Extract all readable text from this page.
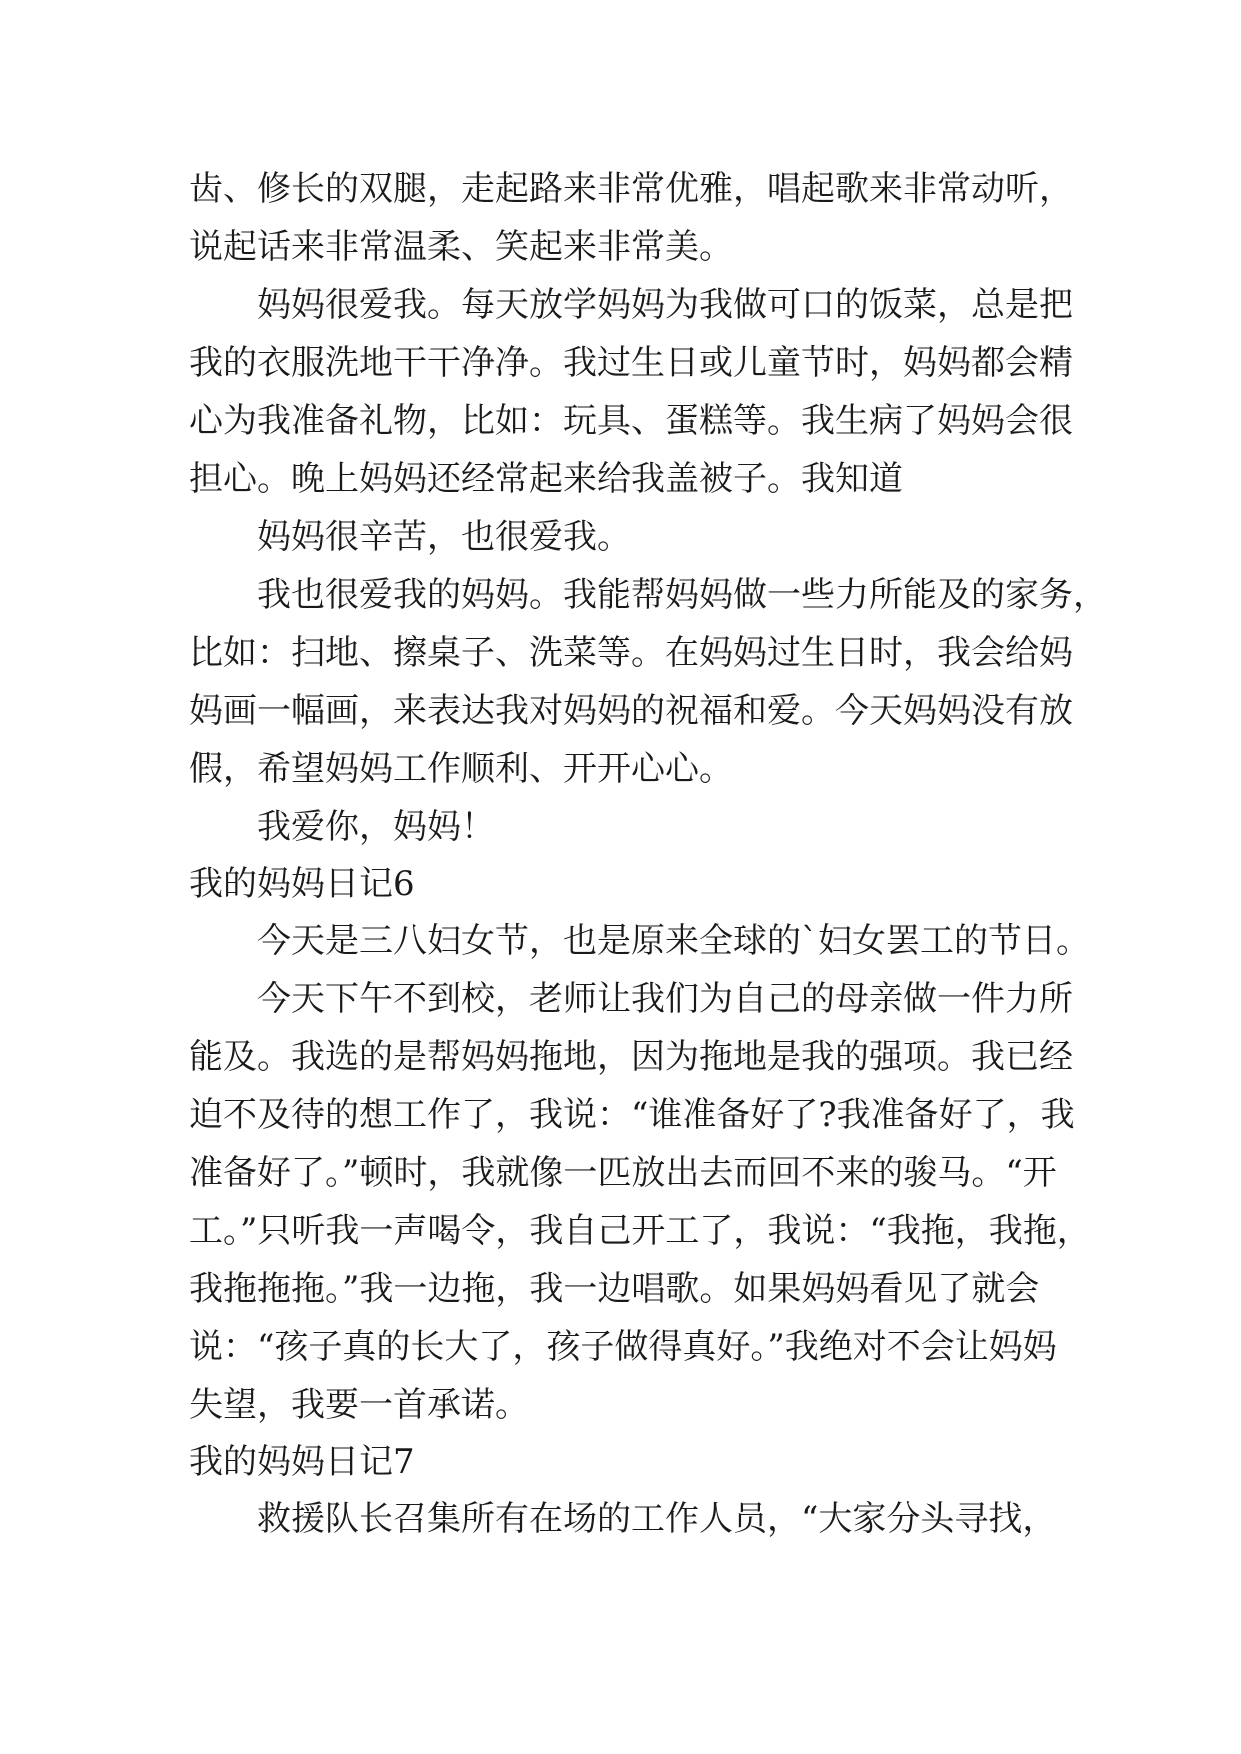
齿、修长的双腿，走起路来非常优雅，唱起歌来非常动听，
说起话来非常温柔、笑起来非常美。
妈妈很爱我。每天放学妈妈为我做可口的饭菜，总是把
我的衣服洗地干干净净。我过生日或儿童节时，妈妈都会精
心为我准备礼物，比如：玩具、蛋糕等。我生病了妈妈会很
担心。晚上妈妈还经常起来给我盖被子。我知道
妈妈很辛苦，也很爱我。
我也很爱我的妈妈。我能帮妈妈做一些力所能及的家务，
比如：扫地、擦桌子、洗菜等。在妈妈过生日时，我会给妈
妈画一幅画，来表达我对妈妈的祝福和爱。今天妈妈没有放
假，希望妈妈工作顺利、开开心心。
我爱你，妈妈！
我的妈妈日记6
今天是三八妇女节，也是原来全球的`妇女罢工的节日。
今天下午不到校，老师让我们为自己的母亲做一件力所
能及。我选的是帮妈妈拖地，因为拖地是我的强项。我已经
迫不及待的想工作了，我说：“谁准备好了?我准备好了，我
准备好了。”顿时，我就像一匹放出去而回不来的骏马。“开
工。”只听我一声喝令，我自己开工了，我说：“我拖，我拖，
我拖拖拖。”我一边拖，我一边唱歌。如果妈妈看见了就会
说：“孩子真的长大了，孩子做得真好。”我绝对不会让妈妈
失望，我要一首承诺。
我的妈妈日记7
救援队长召集所有在场的工作人员，“大家分头寻找，
